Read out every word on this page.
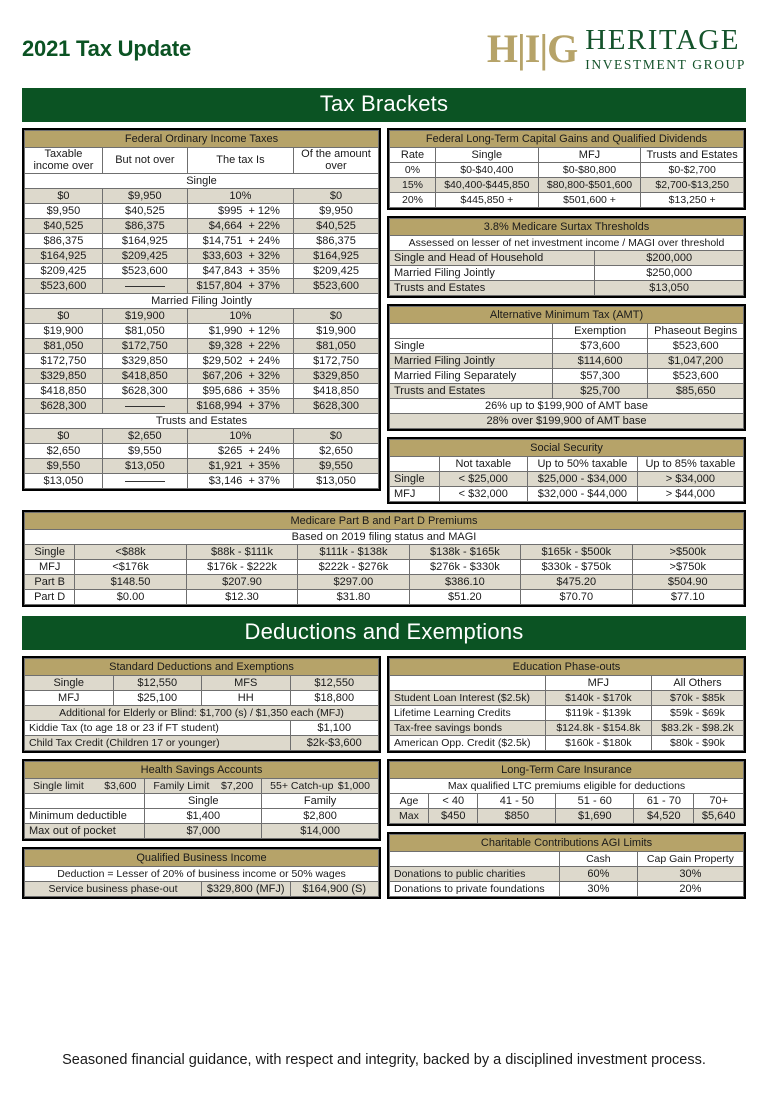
2021 Tax Update	H|I|G HERITAGE
INVESTMENT GROUP
Tax Brackets
Federal Ordinary Income Taxes			
Taxable income over	But not over	The tax Is	Of the amount over
Single			
$0	$9,950	10%	$0
$9,950	$40,525	$995 + 12%	$9,950
$40,525	$86,375	$4,664 + 22%	$40,525
$86,375	$164,925	$14,751 + 24%	$86,375
$164,925	$209,425	$33,603 + 32%	$164,925
$209,425	$523,600	$47,843 + 35%	$209,425
$523,600		$157,804 + 37%	$523,600
Married Filing Jointly			
$0	$19,900	10%	$0
$19,900	$81,050	$1,990 + 12%	$19,900
$81,050	$172,750	$9,328 + 22%	$81,050
$172,750	$329,850	$29,502 + 24%	$172,750
$329,850	$418,850	$67,206 + 32%	$329,850
$418,850	$628,300	$95,686 + 35%	$418,850
$628,300		$168,994 + 37%	$628,300
Trusts and Estates			
$0	$2,650	10%	$0
$2,650	$9,550	$265 + 24%	$2,650
$9,550	$13,050	$1,921 + 35%	$9,550
$13,050		$3,146 + 37%	$13,050
Federal Long-Term Capital Gains and Qualified Dividends			
Rate	Single	MFJ	Trusts and Estates
0%	$0-$40,400	$0-$80,800	$0-$2,700
15%	$40,400-$445,850	$80,800-$501,600	$2,700-$13,250
20%	$445,850 +	$501,600 +	$13,250 +
3.8% Medicare Surtax Thresholds	
Assessed on lesser of net investment income / MAGI over threshold	
Single and Head of Household	$200,000
Married Filing Jointly	$250,000
Trusts and Estates	$13,050
Alternative Minimum Tax (AMT)		
	Exemption	Phaseout Begins
Single	$73,600	$523,600
Married Filing Jointly	$114,600	$1,047,200
Married Filing Separately	$57,300	$523,600
Trusts and Estates	$25,700	$85,650
26% up to $199,900 of AMT base		
28% over $199,900 of AMT base		
Social Security			
	Not taxable	Up to 50% taxable	Up to 85% taxable
Single	< $25,000	$25,000 - $34,000	> $34,000
MFJ	< $32,000	$32,000 - $44,000	> $44,000
Medicare Part B and Part D Premiums						
Based on 2019 filing status and MAGI						
Single	<$88k	$88k - $111k	$111k - $138k	$138k - $165k	$165k - $500k	>$500k
MFJ	<$176k	$176k - $222k	$222k - $276k	$276k - $330k	$330k - $750k	>$750k
Part B	$148.50	$207.90	$297.00	$386.10	$475.20	$504.90
Part D	$0.00	$12.30	$31.80	$51.20	$70.70	$77.10
Deductions and Exemptions
Standard Deductions and Exemptions			
Single	$12,550	MFS	$12,550
MFJ	$25,100	HH	$18,800
Additional for Elderly or Blind: $1,700 (s) / $1,350 each (MFJ)			
Kiddie Tax (to age 18 or 23 if FT student)			$1,100
Child Tax Credit (Children 17 or younger)			$2k-$3,600
Health Savings Accounts		

Single limit $3,600	Family Limit $7,200	55+ Catch-up $1,000

	Single	Family
Minimum deductible	$1,400	$2,800
Max out of pocket	$7,000	$14,000
Qualified Business Income
Deduction = Lesser of 20% of business income or 50% wages
Service business phase-out	$329,800 (MFJ)	$164,900 (S)
Education Phase-outs		
	MFJ	All Others
Student Loan Interest ($2.5k)	$140k - $170k	$70k - $85k
Lifetime Learning Credits	$119k - $139k	$59k - $69k
Tax-free savings bonds	$124.8k - $154.8k	$83.2k - $98.2k
American Opp. Credit ($2.5k)	$160k - $180k	$80k - $90k
Long-Term Care Insurance					
Max qualified LTC premiums eligible for deductions					
Age	< 40	41 - 50	51 - 60	61 - 70	70+
Max	$450	$850	$1,690	$4,520	$5,640
Charitable Contributions AGI Limits		
	Cash	Cap Gain Property
Donations to public charities	60%	30%
Donations to private foundations	30%	20%
Seasoned financial guidance, with respect and integrity, backed by a disciplined investment process.
